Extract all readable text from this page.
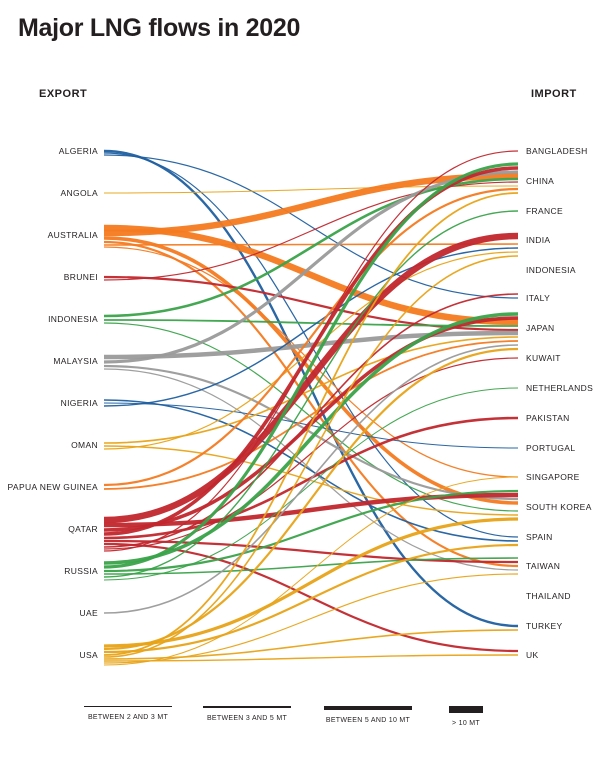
Major LNG flows in 2020
EXPORT	IMPORT
ALGERIA
ANGOLA
AUSTRALIA
BRUNEI
INDONESIA
MALAYSIA
NIGERIA
OMAN
PAPUA NEW GUINEA
QATAR
RUSSIA
UAE
USA
BANGLADESH
CHINA
FRANCE
INDIA
INDONESIA
ITALY
JAPAN
KUWAIT
NETHERLANDS
PAKISTAN
PORTUGAL
SINGAPORE
SOUTH KOREA
SPAIN
TAIWAN
THAILAND
TURKEY
UK
BETWEEN 2 AND 3 MT	BETWEEN 3 AND 5 MT	BETWEEN 5 AND 10 MT	> 10 MT
